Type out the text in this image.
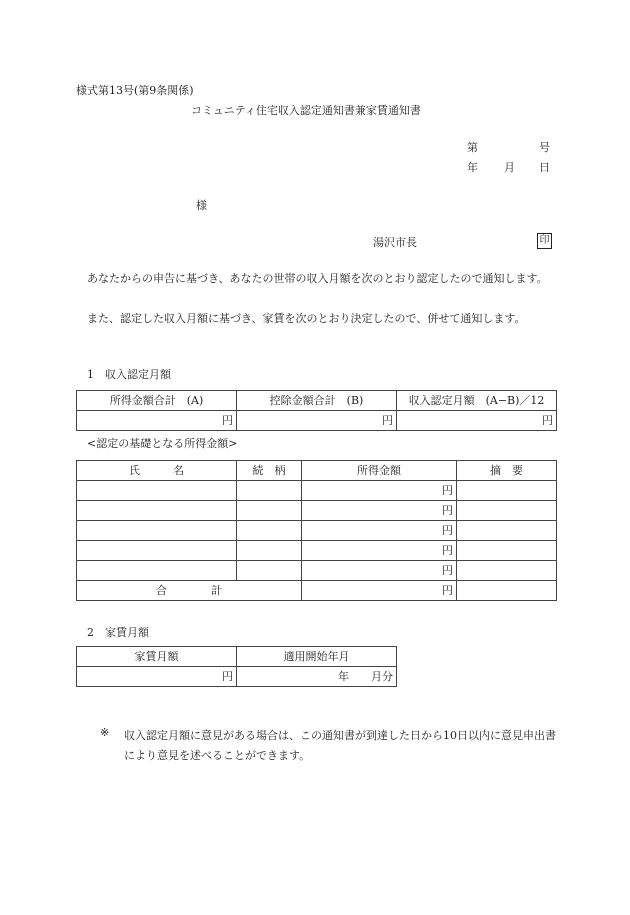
様式第13号(第9条関係)
コミュニティ住宅収入認定通知書兼家賃通知書
第	号
年 月 日
様
湯沢市長	印
あなたからの申告に基づき、あなたの世帯の収入月額を次のとおり認定したので通知します。
また、認定した収入月額に基づき、家賃を次のとおり決定したので、併せて通知します。
1　収入認定月額
所得金額合計　(A)	控除金額合計　(B)	収入認定月額　(A−B)／12
円	円	円
<認定の基礎となる所得金額>
氏　　　名	続　柄	所得金額	摘　要
		円	
		円	
		円	
		円	
		円	
合　　　　計		円	
2　家賃月額
家賃月額	適用開始年月
円	年　　月分
※ 収入認定月額に意見がある場合は、この通知書が到達した日から10日以内に意見申出書により意見を述べることができます。
